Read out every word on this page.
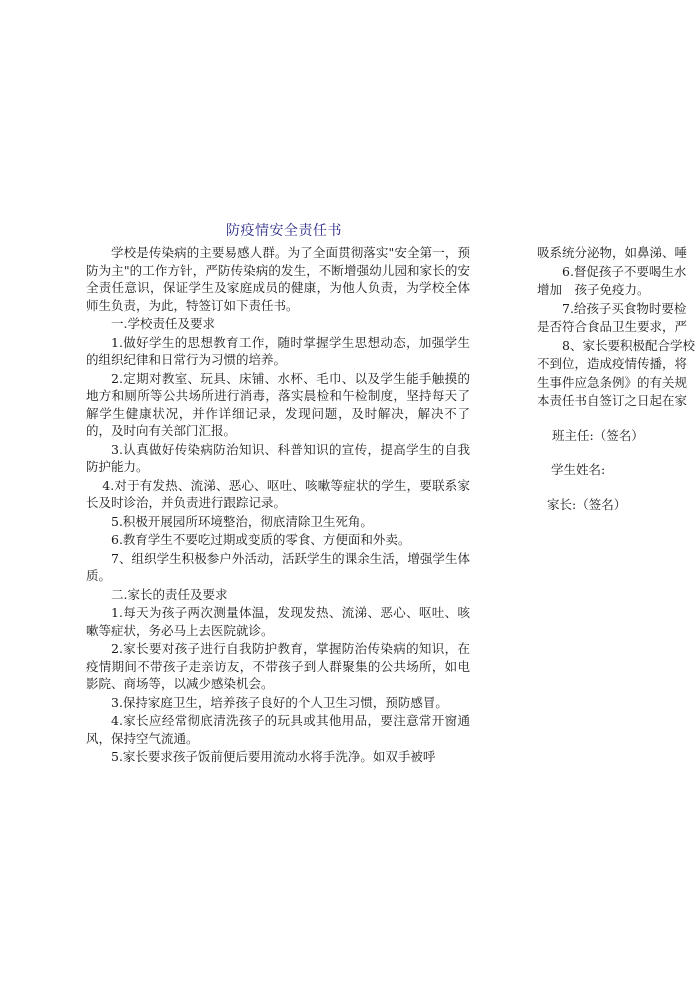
防疫情安全责任书

学校是传染病的主要易感人群。为了全面贯彻落实"安全第一，预防为主"的工作方针，严防传染病的发生，不断增强幼儿园和家长的安全责任意识，保证学生及家庭成员的健康，为他人负责，为学校全体师生负责，为此，特签订如下责任书。

一.学校责任及要求

1.做好学生的思想教育工作，随时掌握学生思想动态，加强学生的组织纪律和日常行为习惯的培养。

2.定期对教室、玩具、床铺、水杯、毛巾、以及学生能手触摸的地方和厕所等公共场所进行消毒，落实晨检和午检制度，坚持每天了解学生健康状况，并作详细记录，发现问题，及时解决，解决不了的，及时向有关部门汇报。

3.认真做好传染病防治知识、科普知识的宣传，提高学生的自我防护能力。

4.对于有发热、流涕、恶心、呕吐、咳嗽等症状的学生，要联系家长及时诊治，并负责进行跟踪记录。

5.积极开展园所环境整治，彻底清除卫生死角。

6.教育学生不要吃过期或变质的零食、方便面和外卖。

7、组织学生积极参户外活动，活跃学生的课余生活，增强学生体质。

二.家长的责任及要求

1.每天为孩子两次测量体温，发现发热、流涕、恶心、呕吐、咳嗽等症状，务必马上去医院就诊。

2.家长要对孩子进行自我防护教育，掌握防治传染病的知识，在疫情期间不带孩子走亲访友，不带孩子到人群聚集的公共场所，如电影院、商场等，以减少感染机会。

3.保持家庭卫生，培养孩子良好的个人卫生习惯，预防感冒。

4.家长应经常彻底清洗孩子的玩具或其他用品，要注意常开窗通风，保持空气流通。

5.家长要求孩子饭前便后要用流动水将手洗净。如双手被呼

吸系统分泌物，如鼻涕、唾

6.督促孩子不要喝生水

增加　孩子免疫力。

7.给孩子买食物时要检

是否符合食品卫生要求，严

8、家长要积极配合学校

不到位，造成疫情传播，将

生事件应急条例》的有关规

本责任书自签订之日起在家

班主任:（签名）

学生姓名:

家长:（签名）
